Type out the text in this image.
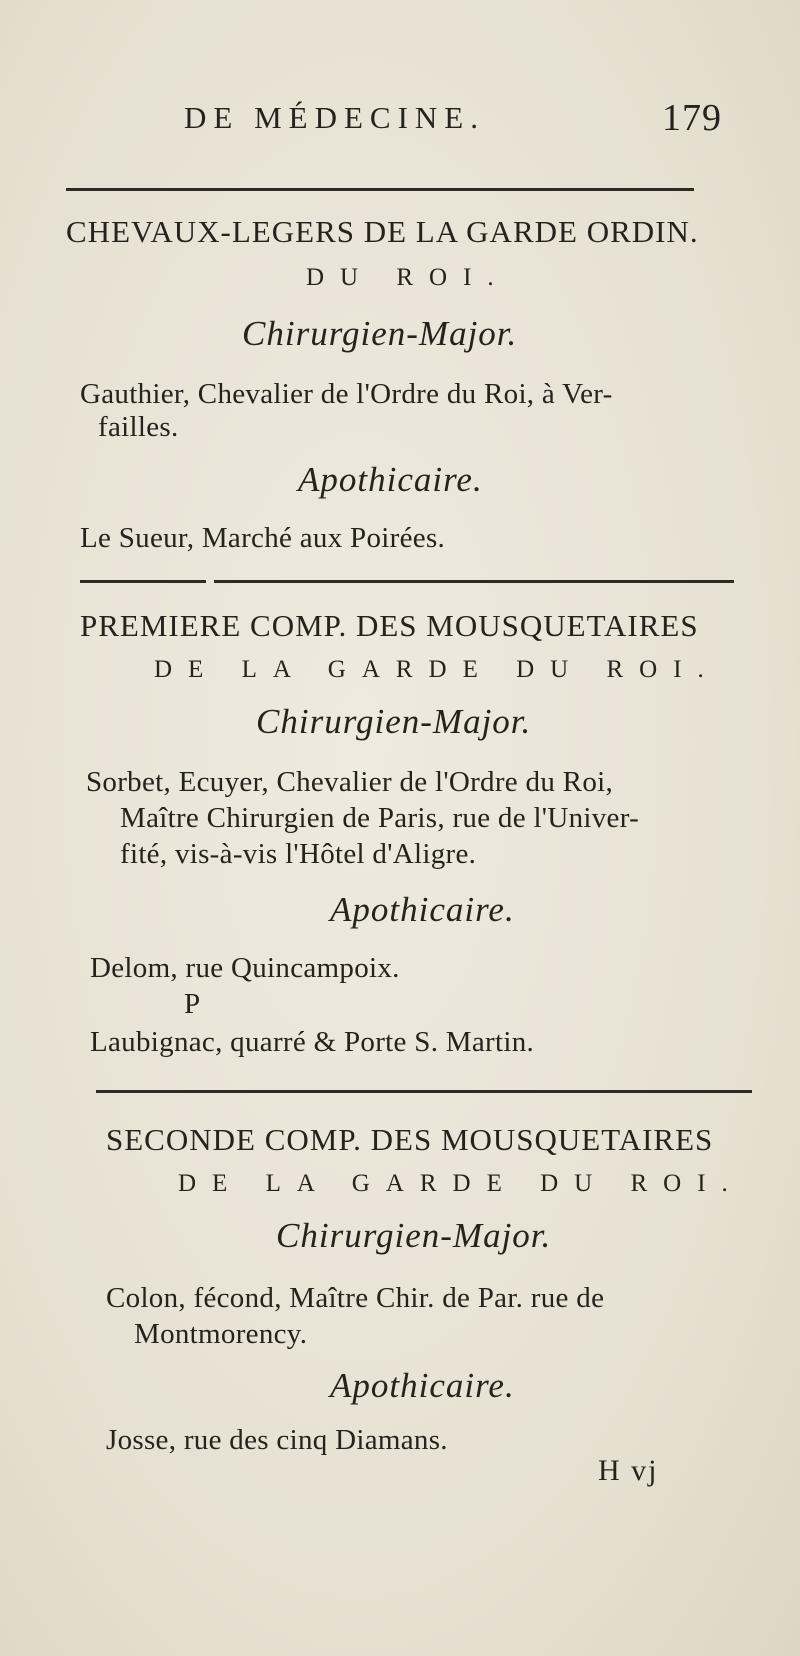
DE MÉDECINE.	179
CHEVAUX-LEGERS DE LA GARDE ORDIN.
DU ROI.
Chirurgien-Major.
Gauthier, Chevalier de l'Ordre du Roi, à Ver-
failles.
Apothicaire.
Le Sueur, Marché aux Poirées.
PREMIERE COMP. DES MOUSQUETAIRES
DE LA GARDE DU ROI.
Chirurgien-Major.
Sorbet, Ecuyer, Chevalier de l'Ordre du Roi,
Maître Chirurgien de Paris, rue de l'Univer-
fité, vis-à-vis l'Hôtel d'Aligre.
Apothicaire.
Delom, rue Quincampoix.
P
Laubignac, quarré & Porte S. Martin.
SECONDE COMP. DES MOUSQUETAIRES
DE LA GARDE DU ROI.
Chirurgien-Major.
Colon, fécond, Maître Chir. de Par. rue de
Montmorency.
Apothicaire.
Josse, rue des cinq Diamans.
H vj
